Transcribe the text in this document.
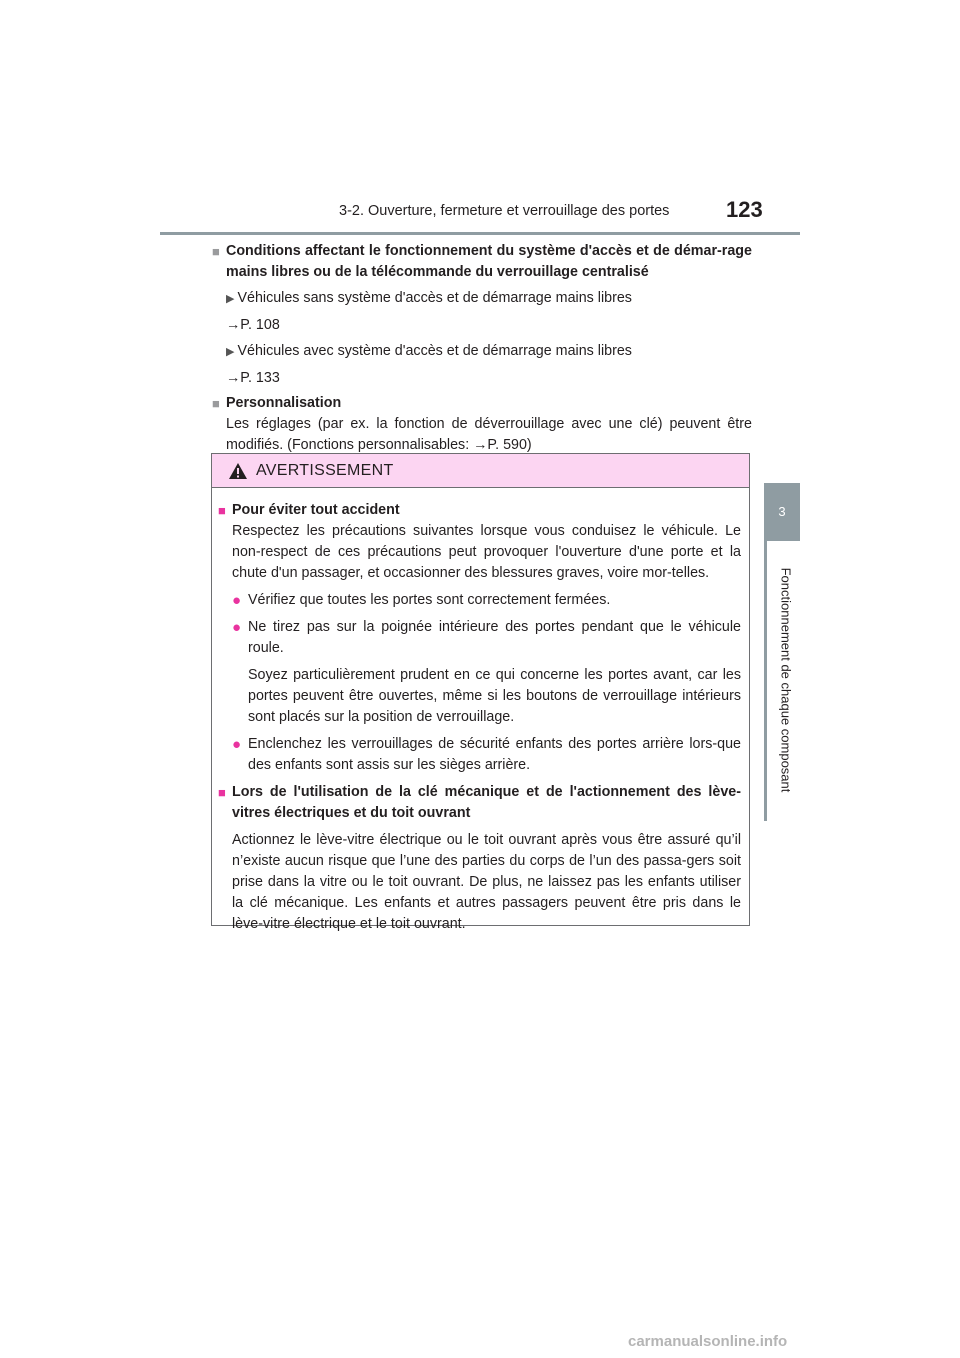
3-2. Ouverture, fermeture et verrouillage des portes	123
3
Fonctionnement de chaque composant
■ Conditions affectant le fonctionnement du système d'accès et de démar-rage mains libres ou de la télécommande du verrouillage centralisé
▶ Véhicules sans système d'accès et de démarrage mains libres
→P. 108
▶ Véhicules avec système d'accès et de démarrage mains libres
→P. 133
■ Personnalisation
Les réglages (par ex. la fonction de déverrouillage avec une clé) peuvent être modifiés. (Fonctions personnalisables: →P. 590)
AVERTISSEMENT
■ Pour éviter tout accident
Respectez les précautions suivantes lorsque vous conduisez le véhicule. Le non-respect de ces précautions peut provoquer l'ouverture d'une porte et la chute d'un passager, et occasionner des blessures graves, voire mor-telles.
● Vérifiez que toutes les portes sont correctement fermées.
● Ne tirez pas sur la poignée intérieure des portes pendant que le véhicule roule.
Soyez particulièrement prudent en ce qui concerne les portes avant, car les portes peuvent être ouvertes, même si les boutons de verrouillage intérieurs sont placés sur la position de verrouillage.
● Enclenchez les verrouillages de sécurité enfants des portes arrière lors-que des enfants sont assis sur les sièges arrière.
■ Lors de l'utilisation de la clé mécanique et de l'actionnement des lève-vitres électriques et du toit ouvrant
Actionnez le lève-vitre électrique ou le toit ouvrant après vous être assuré qu’il n’existe aucun risque que l’une des parties du corps de l’un des passa-gers soit prise dans la vitre ou le toit ouvrant. De plus, ne laissez pas les enfants utiliser la clé mécanique. Les enfants et autres passagers peuvent être pris dans le lève-vitre électrique et le toit ouvrant.
carmanualsonline.info
